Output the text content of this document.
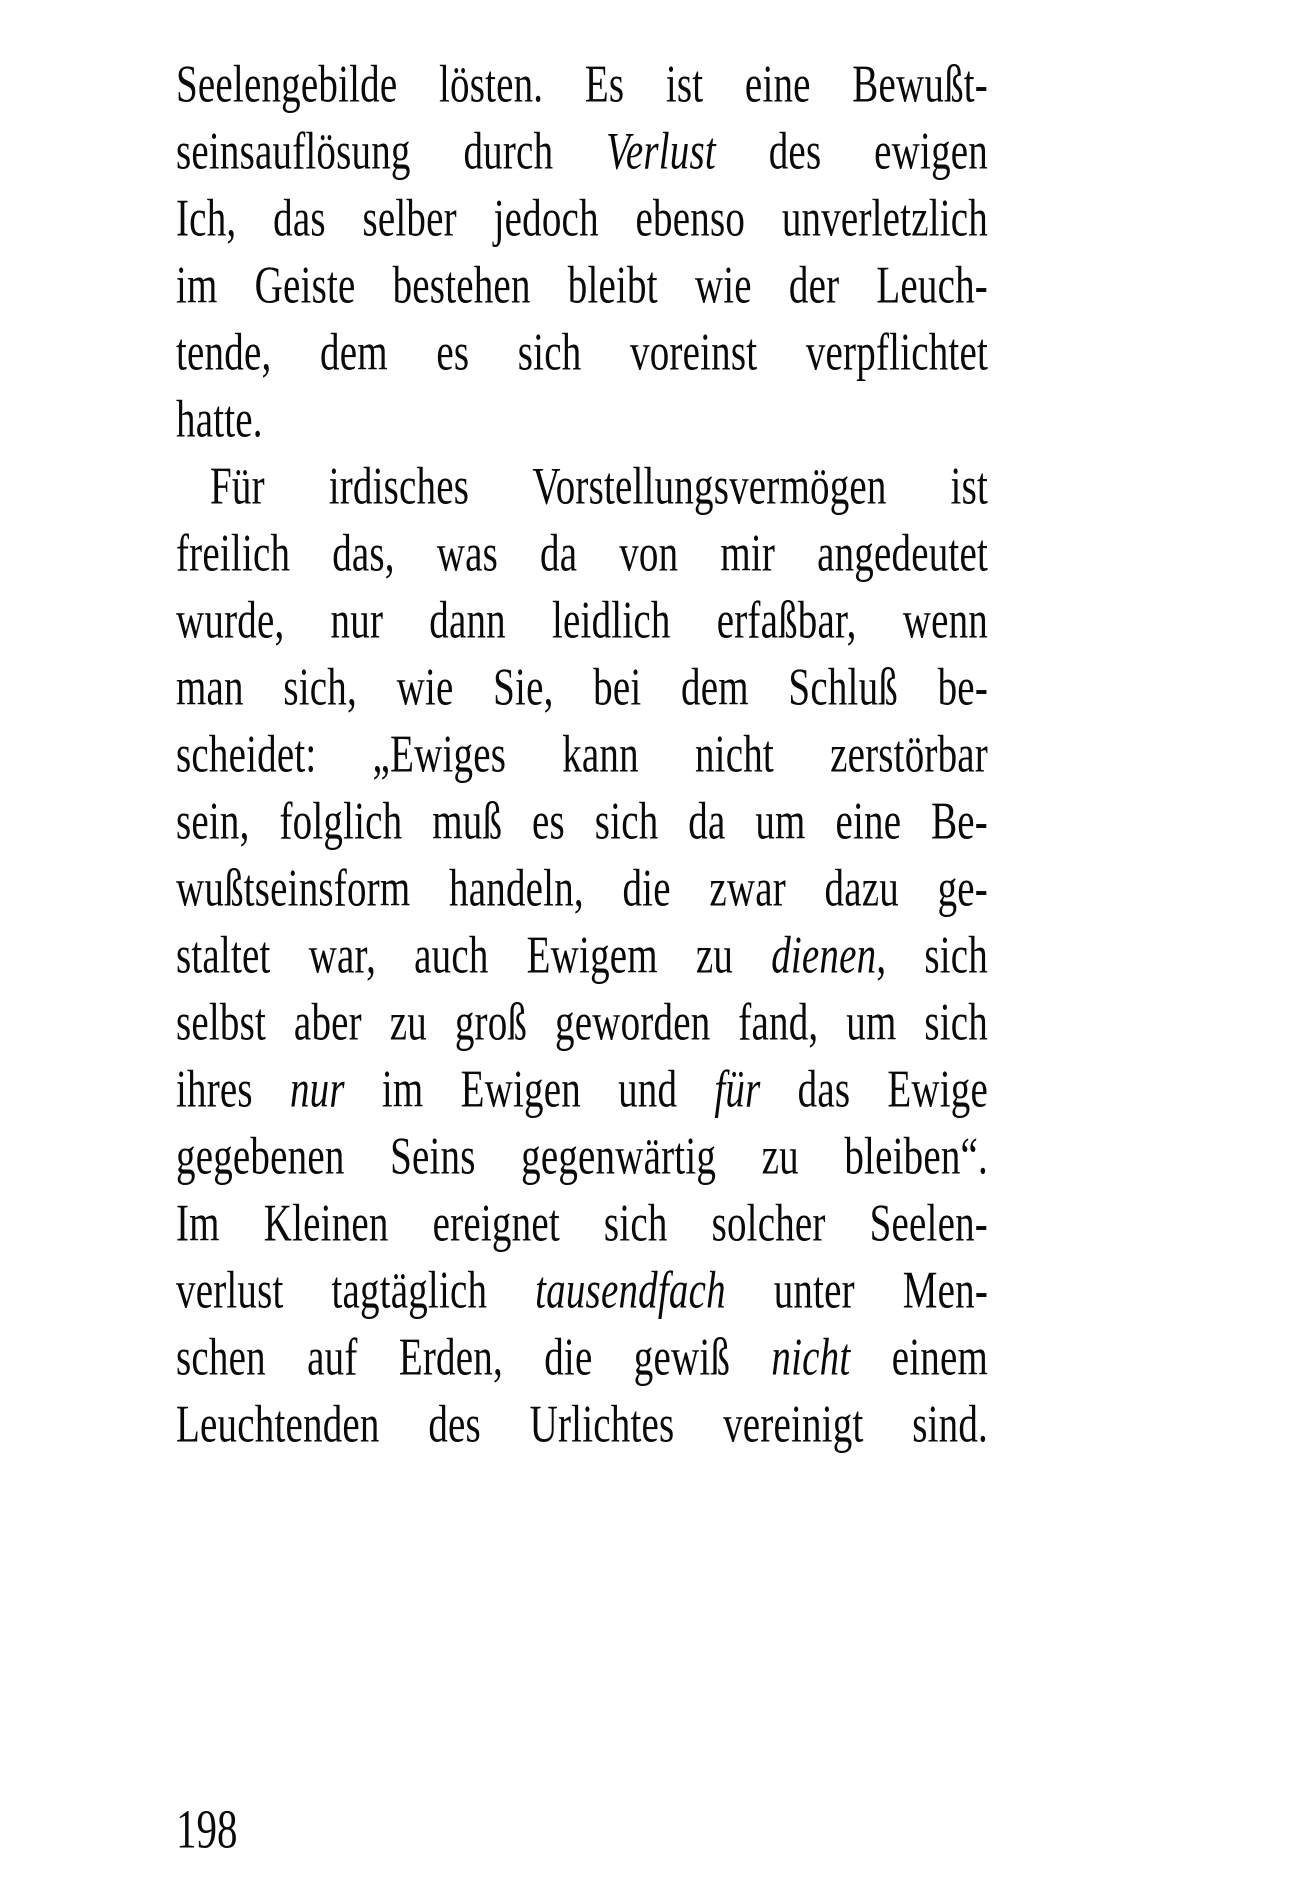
Seelengebilde lösten. Es ist eine Bewußt-
seinsauflösung durch Verlust des ewigen
Ich, das selber jedoch ebenso unverletzlich
im Geiste bestehen bleibt wie der Leuch-
tende, dem es sich voreinst verpflichtet
hatte.
Für irdisches Vorstellungsvermögen ist
freilich das, was da von mir angedeutet
wurde, nur dann leidlich erfaßbar, wenn
man sich, wie Sie, bei dem Schluß be-
scheidet: „Ewiges kann nicht zerstörbar
sein, folglich muß es sich da um eine Be-
wußtseinsform handeln, die zwar dazu ge-
staltet war, auch Ewigem zu dienen, sich
selbst aber zu groß geworden fand, um sich
ihres nur im Ewigen und für das Ewige
gegebenen Seins gegenwärtig zu bleiben“.
Im Kleinen ereignet sich solcher Seelen-
verlust tagtäglich tausendfach unter Men-
schen auf Erden, die gewiß nicht einem
Leuchtenden des Urlichtes vereinigt sind.
198
